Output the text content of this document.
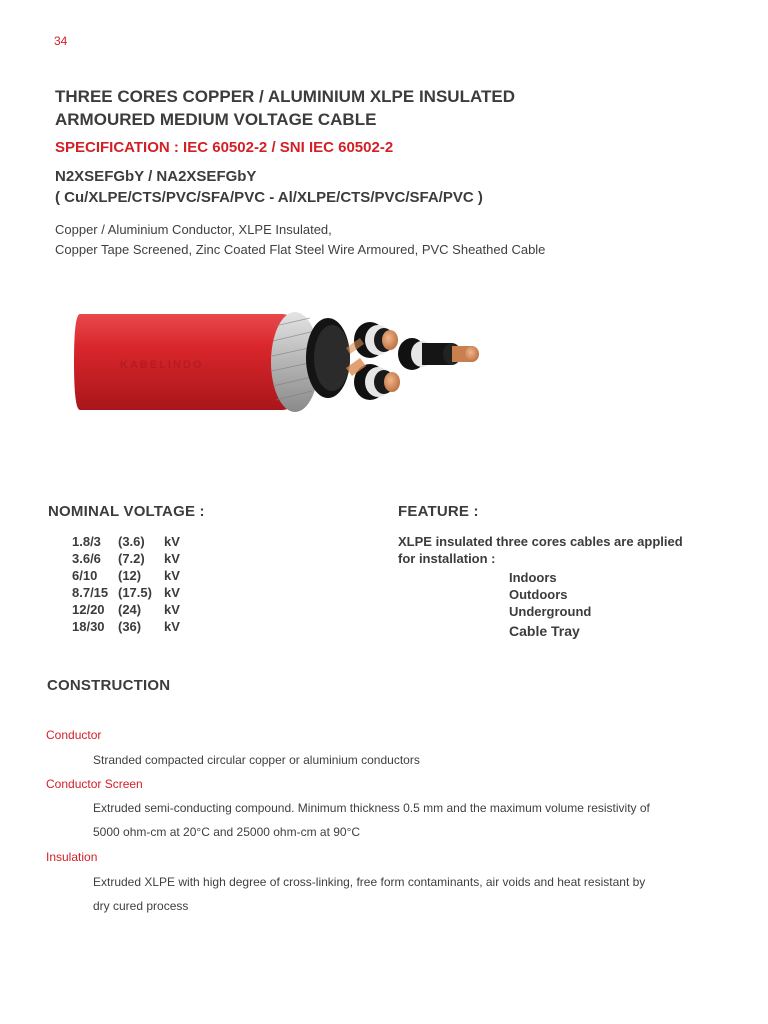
34
THREE CORES COPPER / ALUMINIUM XLPE INSULATED
ARMOURED MEDIUM VOLTAGE CABLE
SPECIFICATION : IEC 60502-2 / SNI IEC 60502-2
N2XSEFGbY / NA2XSEFGbY
( Cu/XLPE/CTS/PVC/SFA/PVC - Al/XLPE/CTS/PVC/SFA/PVC )
Copper / Aluminium Conductor, XLPE Insulated,
Copper Tape Screened, Zinc Coated Flat Steel Wire Armoured, PVC Sheathed Cable
KABELINDO
NOMINAL VOLTAGE :
1.8/3	(3.6)	kV
3.6/6	(7.2)	kV
6/10	(12)	kV
8.7/15 (17.5) kV
12/20	(24)	kV
18/30	(36)	kV
FEATURE :
XLPE insulated three cores cables are applied
for installation :
Indoors
Outdoors
Underground
Cable Tray
CONSTRUCTION
Conductor
Stranded compacted circular copper or aluminium conductors
Conductor Screen
Extruded semi-conducting compound. Minimum thickness 0.5 mm and the maximum volume resistivity of
5000 ohm-cm at 20°C and 25000 ohm-cm at 90°C
Insulation
Extruded XLPE with high degree of cross-linking, free form contaminants, air voids and heat resistant by
dry cured process
